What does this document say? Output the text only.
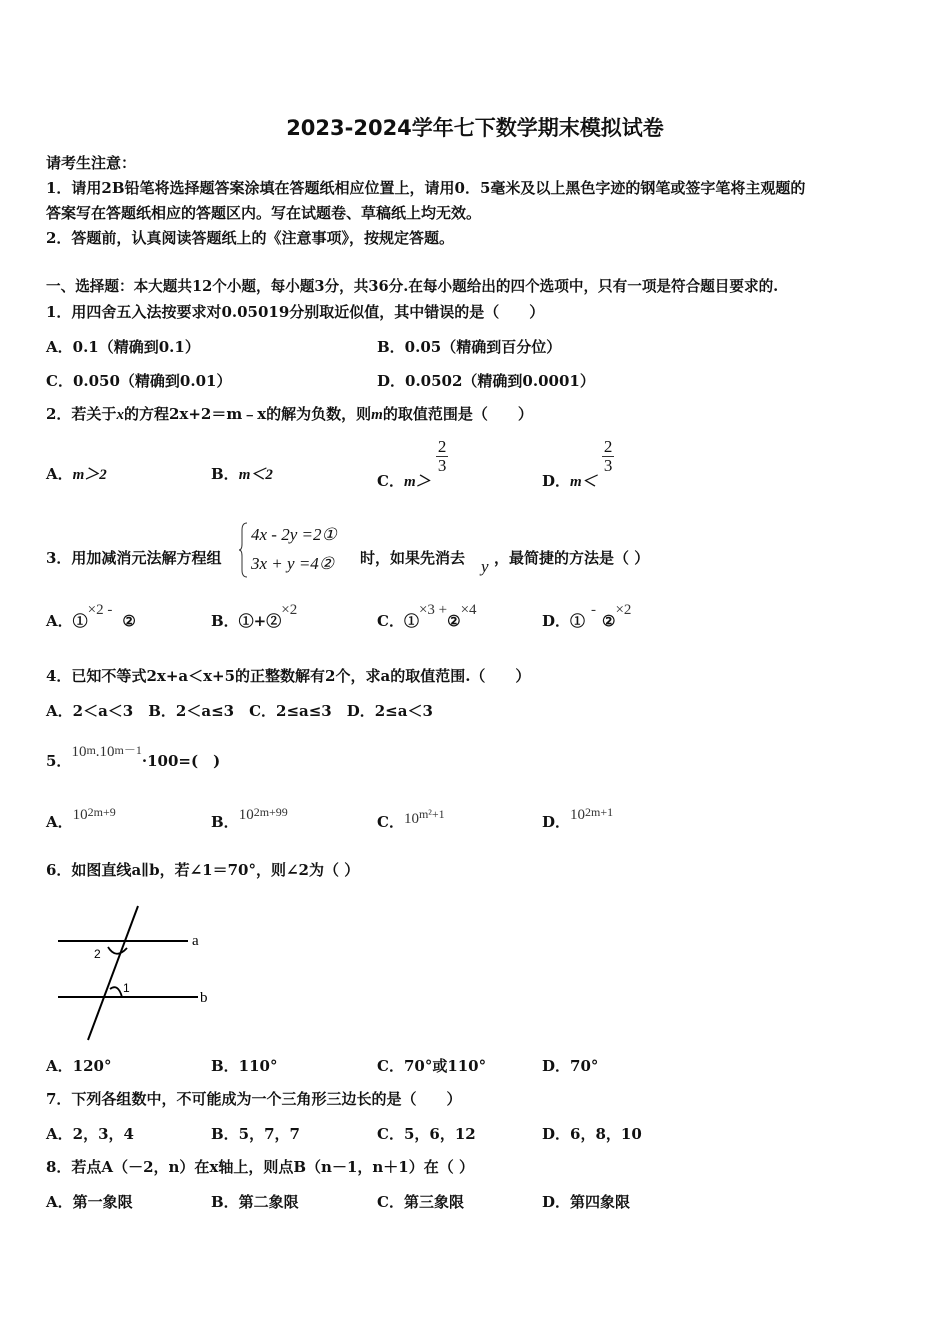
2023-2024学年七下数学期末模拟试卷
请考生注意：
1．请用2B铅笔将选择题答案涂填在答题纸相应位置上，请用0．5毫米及以上黑色字迹的钢笔或签字笔将主观题的
答案写在答题纸相应的答题区内。写在试题卷、草稿纸上均无效。
2．答题前，认真阅读答题纸上的《注意事项》，按规定答题。
一、选择题：本大题共12个小题，每小题3分，共36分.在每小题给出的四个选项中，只有一项是符合题目要求的.
1．用四舍五入法按要求对0.05019分别取近似值，其中错误的是（　　）
A．0.1（精确到0.1）	B．0.05（精确到百分位）
C．0.050（精确到0.01）	D．0.0502（精确到0.0001）
2．若关于x的方程2x+2＝m﹣x的解为负数，则m的取值范围是（　　）
A．m＞2	B．m＜2	C．m＞
$\frac{2}{3}$
D．m＜
$\frac{2}{3}$
3．用加减消元法解方程组
4x - 2y =2①
3x + y =4② 时，如果先消去 y ，最简捷的方法是（ ）
A．①×2 -②	B．①+②×2
C．①×3 +②×4
D．①-②×2
4．已知不等式2x+a＜x+5的正整数解有2个，求a的取值范围.（　　）
A．2＜a＜3　B．2＜a≤3　C．2≤a≤3　D．2≤a＜3
5．$10^m.10^{m-1}\cdot 100=$(　)
A．$10^{2m+9}$
B．$10^{2m+99}$
C．$10^{m^2+1}$	D．$10^{2m+1}$
6．如图直线a∥b，若∠1＝70°，则∠2为（ ）
a
b
2
1
A．120°	B．110°	C．70°或110°	D．70°
7．下列各组数中，不可能成为一个三角形三边长的是（　　）
A．2，3，4	B．5，7，7	C．5，6，12	D．6，8，10
8．若点A（－2，n）在x轴上，则点B（n－1，n＋1）在（ ）
A．第一象限	B．第二象限	C．第三象限	D．第四象限
